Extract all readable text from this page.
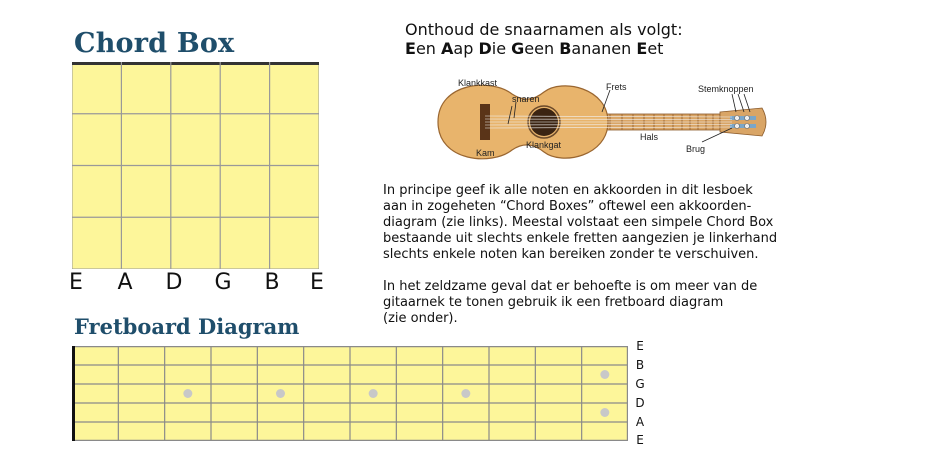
Chord Box
E A D G B E
Onthoud de snaarnamen als volgt:
Een Aap Die Geen Bananen Eet
Klankkast
snaren
Frets	Stemknoppen
Kam
Klankgat
Hals
Brug
In principe geef ik alle noten en akkoorden in dit lesboek
aan in zogeheten “Chord Boxes” oftewel een akkoorden-
diagram (zie links). Meestal volstaat een simpele Chord Box
bestaande uit slechts enkele fretten aangezien je linkerhand
slechts enkele noten kan bereiken zonder te verschuiven.
In het zeldzame geval dat er behoefte is om meer van de
gitaarnek te tonen gebruik ik een fretboard diagram
(zie onder).
Fretboard Diagram
E
B
G
D
A
E
